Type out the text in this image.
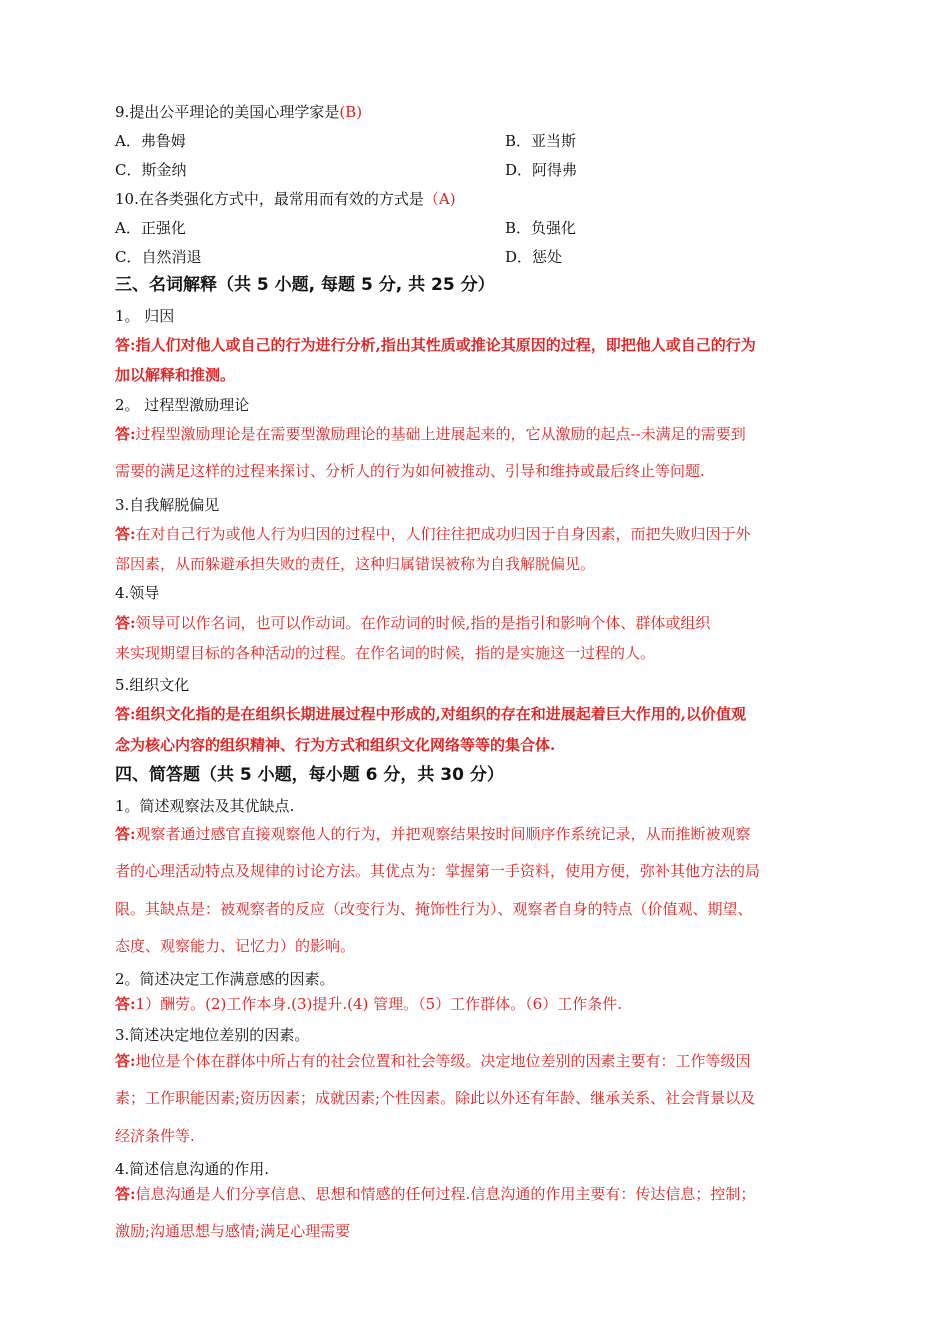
9.提出公平理论的美国心理学家是(B)
A．弗鲁姆	B．亚当斯
C．斯金纳	D．阿得弗
10.在各类强化方式中，最常用而有效的方式是（A)
A．正强化	B．负强化
C．自然消退	D．惩处
三、名词解释（共 5 小题, 每题 5 分, 共 25 分）
1。 归因
答:指人们对他人或自己的行为进行分析,指出其性质或推论其原因的过程，即把他人或自己的行为
加以解释和推测。
2。 过程型激励理论
答:过程型激励理论是在需要型激励理论的基础上进展起来的，它从激励的起点--未满足的需要到
需要的满足这样的过程来探讨、分析人的行为如何被推动、引导和维持或最后终止等问题.
3.自我解脱偏见
答:在对自己行为或他人行为归因的过程中，人们往往把成功归因于自身因素，而把失败归因于外
部因素，从而躲避承担失败的责任，这种归属错误被称为自我解脱偏见。
4.领导
答:领导可以作名词，也可以作动词。在作动词的时候,指的是指引和影响个体、群体或组织
来实现期望目标的各种活动的过程。在作名词的时候，指的是实施这一过程的人。
5.组织文化
答:组织文化指的是在组织长期进展过程中形成的,对组织的存在和进展起着巨大作用的,以价值观
念为核心内容的组织精神、行为方式和组织文化网络等等的集合体.
四、简答题（共 5 小题，每小题 6 分，共 30 分）
1。简述观察法及其优缺点.
答:观察者通过感官直接观察他人的行为，并把观察结果按时间顺序作系统记录，从而推断被观察
者的心理活动特点及规律的讨论方法。其优点为：掌握第一手资料，使用方便，弥补其他方法的局
限。其缺点是：被观察者的反应（改变行为、掩饰性行为）、观察者自身的特点（价值观、期望、
态度、观察能力、记忆力）的影响。
2。简述决定工作满意感的因素。
答:1）酬劳。(2)工作本身.(3)提升.(4) 管理。（5）工作群体。（6）工作条件.
3.简述决定地位差别的因素。
答:地位是个体在群体中所占有的社会位置和社会等级。决定地位差别的因素主要有：工作等级因
素；工作职能因素;资历因素；成就因素;个性因素。除此以外还有年龄、继承关系、社会背景以及
经济条件等.
4.简述信息沟通的作用.
答:信息沟通是人们分享信息、思想和情感的任何过程.信息沟通的作用主要有：传达信息；控制；
激励;沟通思想与感情;满足心理需要
